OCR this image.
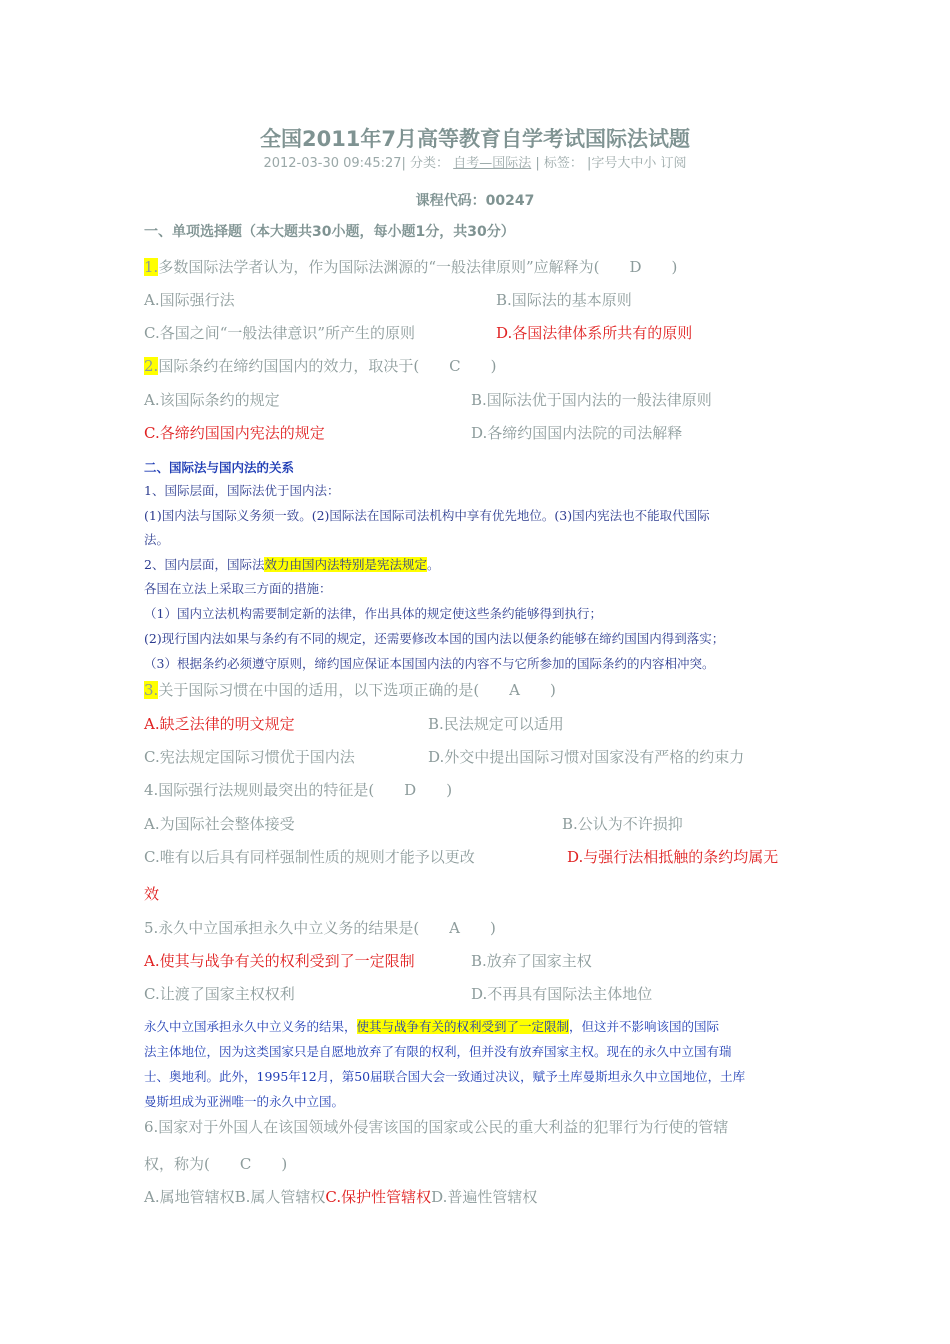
全国2011年7月高等教育自学考试国际法试题
2012-03-30 09:45:27| 分类： 自考—国际法 | 标签： |字号大中小 订阅
课程代码：00247
一、单项选择题（本大题共30小题，每小题1分，共30分）
1.多数国际法学者认为，作为国际法渊源的“一般法律原则”应解释为(　　D　　)
A.国际强行法	B.国际法的基本原则
C.各国之间“一般法律意识”所产生的原则	D.各国法律体系所共有的原则
2.国际条约在缔约国国内的效力，取决于(　　C　　)
A.该国际条约的规定	B.国际法优于国内法的一般法律原则
C.各缔约国国内宪法的规定	D.各缔约国国内法院的司法解释
二、国际法与国内法的关系
1、国际层面，国际法优于国内法：
(1)国内法与国际义务须一致。(2)国际法在国际司法机构中享有优先地位。(3)国内宪法也不能取代国际
法。
2、国内层面，国际法效力由国内法特别是宪法规定。
各国在立法上采取三方面的措施：
（1）国内立法机构需要制定新的法律，作出具体的规定使这些条约能够得到执行；
(2)现行国内法如果与条约有不同的规定，还需要修改本国的国内法以便条约能够在缔约国国内得到落实；
（3）根据条约必须遵守原则，缔约国应保证本国国内法的内容不与它所参加的国际条约的内容相冲突。
3.关于国际习惯在中国的适用，以下选项正确的是(　　A　　)
A.缺乏法律的明文规定	B.民法规定可以适用
C.宪法规定国际习惯优于国内法	D.外交中提出国际习惯对国家没有严格的约束力
4.国际强行法规则最突出的特征是(　　D　　)
A.为国际社会整体接受	B.公认为不许损抑
C.唯有以后具有同样强制性质的规则才能予以更改	D.与强行法相抵触的条约均属无
效
5.永久中立国承担永久中立义务的结果是(　　A　　)
A.使其与战争有关的权利受到了一定限制	B.放弃了国家主权
C.让渡了国家主权权利	D.不再具有国际法主体地位
永久中立国承担永久中立义务的结果，使其与战争有关的权利受到了一定限制，但这并不影响该国的国际
法主体地位，因为这类国家只是自愿地放弃了有限的权利，但并没有放弃国家主权。现在的永久中立国有瑞
士、奥地利。此外，1995年12月，第50届联合国大会一致通过决议，赋予土库曼斯坦永久中立国地位，土库
曼斯坦成为亚洲唯一的永久中立国。
6.国家对于外国人在该国领域外侵害该国的国家或公民的重大利益的犯罪行为行使的管辖
权，称为(　　C　　)
A.属地管辖权B.属人管辖权C.保护性管辖权D.普遍性管辖权
